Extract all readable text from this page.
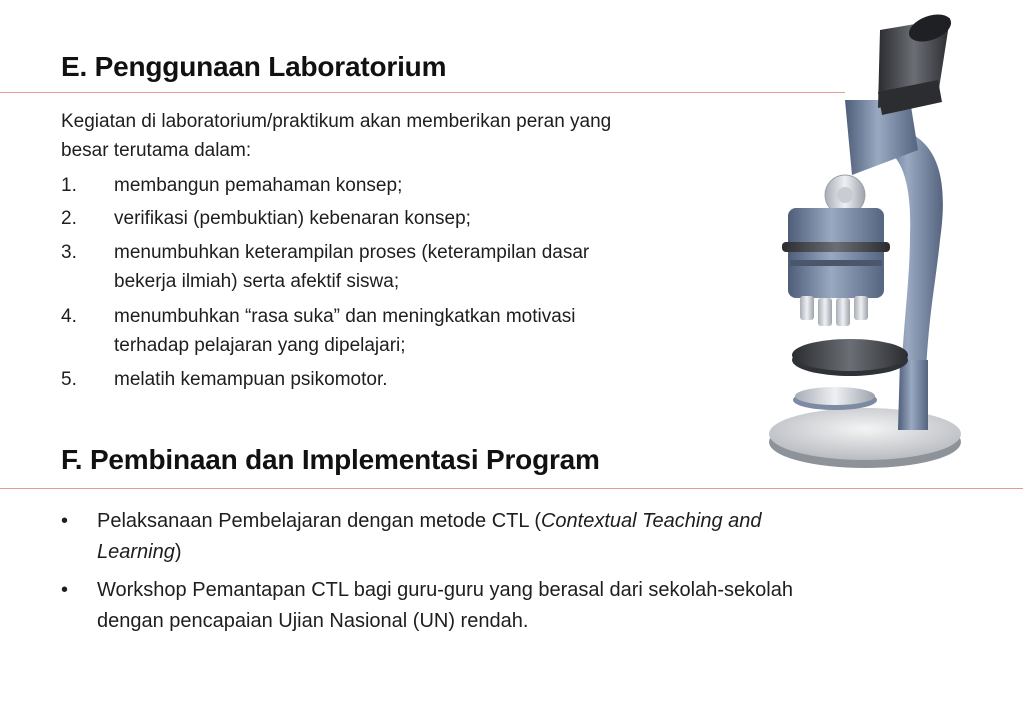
E. Penggunaan Laboratorium
Kegiatan di laboratorium/praktikum akan memberikan peran yang
besar terutama dalam:
1. membangun pemahaman konsep;
2. verifikasi (pembuktian) kebenaran konsep;
3. menumbuhkan keterampilan proses (keterampilan dasar
bekerja ilmiah) serta afektif siswa;
4. menumbuhkan “rasa suka” dan meningkatkan motivasi
terhadap pelajaran yang dipelajari;
5. melatih kemampuan psikomotor.
F. Pembinaan dan Implementasi Program
• Pelaksanaan Pembelajaran dengan metode CTL (Contextual Teaching and
Learning)
• Workshop Pemantapan CTL bagi guru-guru yang berasal dari sekolah-sekolah
dengan pencapaian Ujian Nasional (UN) rendah.
